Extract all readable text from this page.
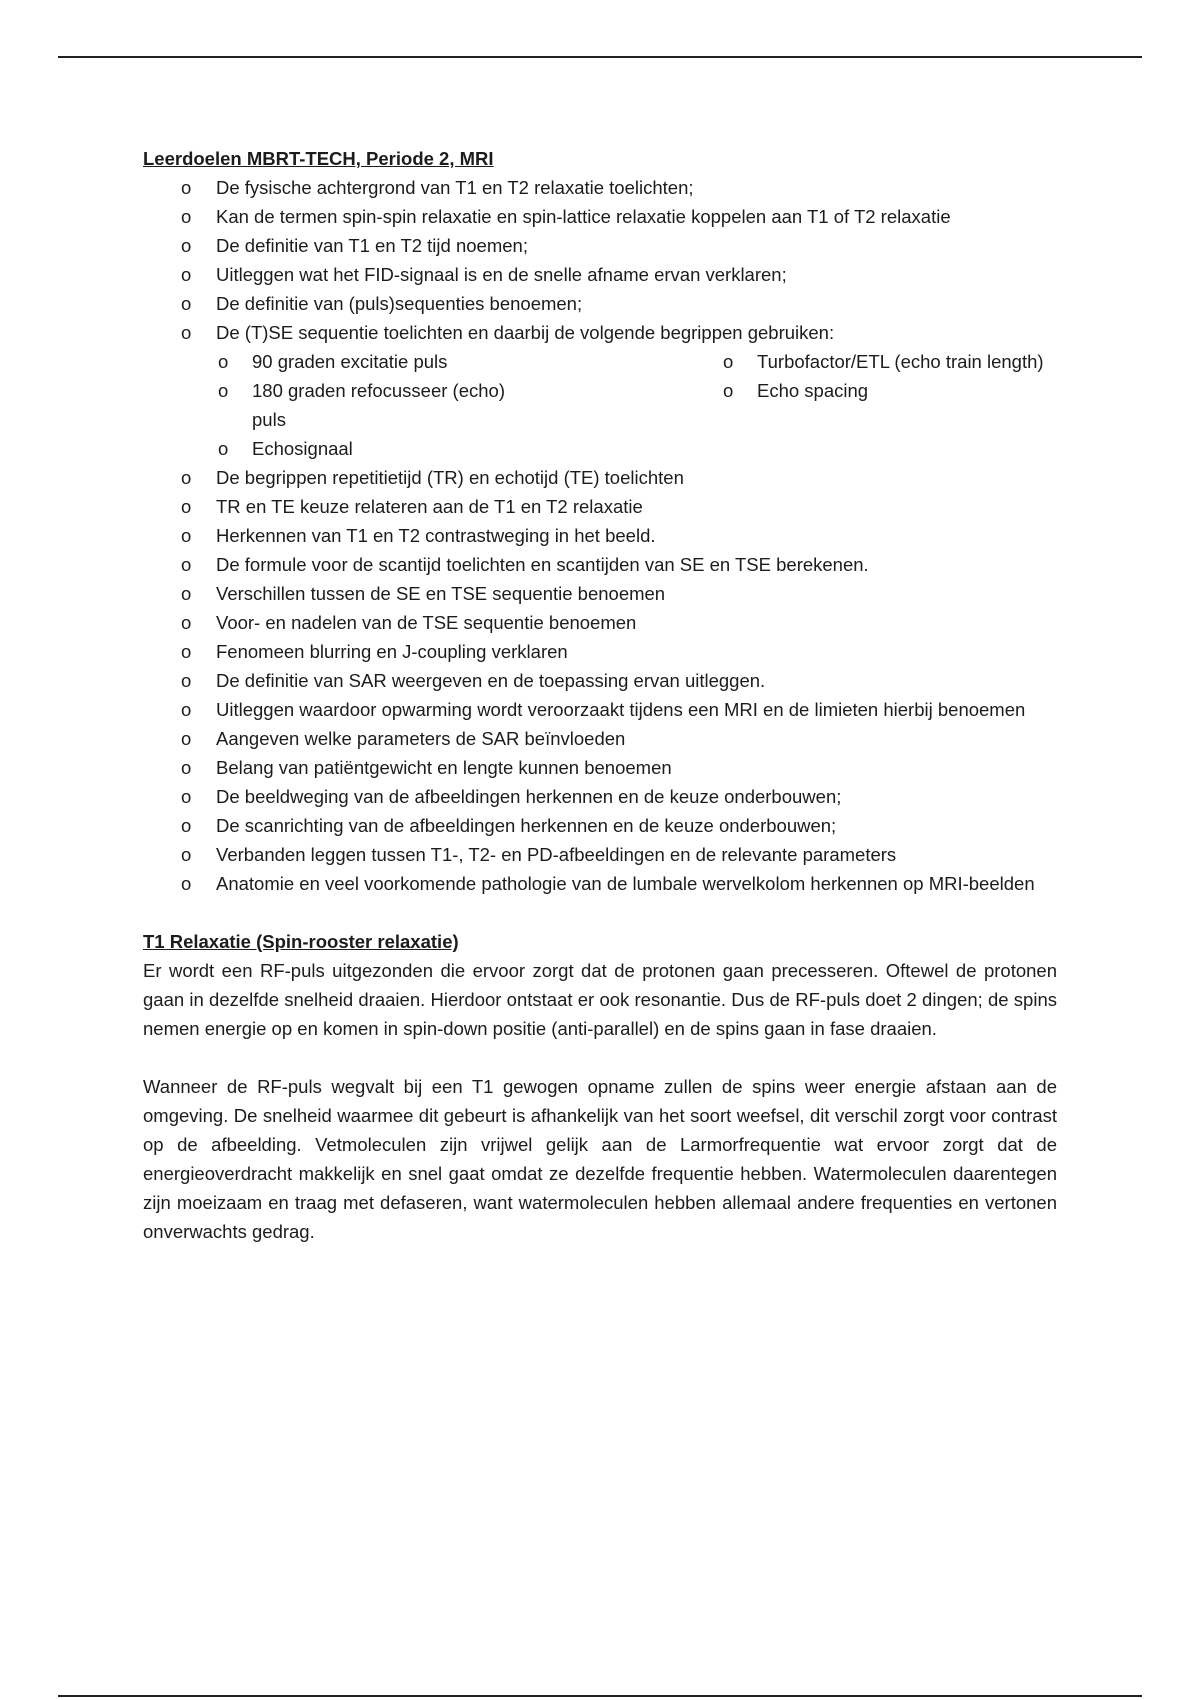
Leerdoelen MBRT-TECH, Periode 2, MRI
o De fysische achtergrond van T1 en T2 relaxatie toelichten;
o Kan de termen spin-spin relaxatie en spin-lattice relaxatie koppelen aan T1 of T2 relaxatie
o De definitie van T1 en T2 tijd noemen;
o Uitleggen wat het FID-signaal is en de snelle afname ervan verklaren;
o De definitie van (puls)sequenties benoemen;
o De (T)SE sequentie toelichten en daarbij de volgende begrippen gebruiken:
o 90 graden excitatie puls
o 180 graden refocusseer (echo) puls
o Echosignaal
o Turbofactor/ETL (echo train length)
o Echo spacing
o De begrippen repetitietijd (TR) en echotijd (TE) toelichten
o TR en TE keuze relateren aan de T1 en T2 relaxatie
o Herkennen van T1 en T2 contrastweging in het beeld.
o De formule voor de scantijd toelichten en scantijden van SE en TSE berekenen.
o Verschillen tussen de SE en TSE sequentie benoemen
o Voor- en nadelen van de TSE sequentie benoemen
o Fenomeen blurring en J-coupling verklaren
o De definitie van SAR weergeven en de toepassing ervan uitleggen.
o Uitleggen waardoor opwarming wordt veroorzaakt tijdens een MRI en de limieten hierbij benoemen
o Aangeven welke parameters de SAR beïnvloeden
o Belang van patiëntgewicht en lengte kunnen benoemen
o De beeldweging van de afbeeldingen herkennen en de keuze onderbouwen;
o De scanrichting van de afbeeldingen herkennen en de keuze onderbouwen;
o Verbanden leggen tussen T1-, T2- en PD-afbeeldingen en de relevante parameters
o Anatomie en veel voorkomende pathologie van de lumbale wervelkolom herkennen op MRI-beelden
T1 Relaxatie (Spin-rooster relaxatie)

Er wordt een RF-puls uitgezonden die ervoor zorgt dat de protonen gaan precesseren. Oftewel de protonen gaan in dezelfde snelheid draaien. Hierdoor ontstaat er ook resonantie. Dus de RF-puls doet 2 dingen; de spins nemen energie op en komen in spin-down positie (anti-parallel) en de spins gaan in fase draaien.

Wanneer de RF-puls wegvalt bij een T1 gewogen opname zullen de spins weer energie afstaan aan de omgeving. De snelheid waarmee dit gebeurt is afhankelijk van het soort weefsel, dit verschil zorgt voor contrast op de afbeelding. Vetmoleculen zijn vrijwel gelijk aan de Larmorfrequentie wat ervoor zorgt dat de energieoverdracht makkelijk en snel gaat omdat ze dezelfde frequentie hebben. Watermoleculen daarentegen zijn moeizaam en traag met defaseren, want watermoleculen hebben allemaal andere frequenties en vertonen onverwachts gedrag.
